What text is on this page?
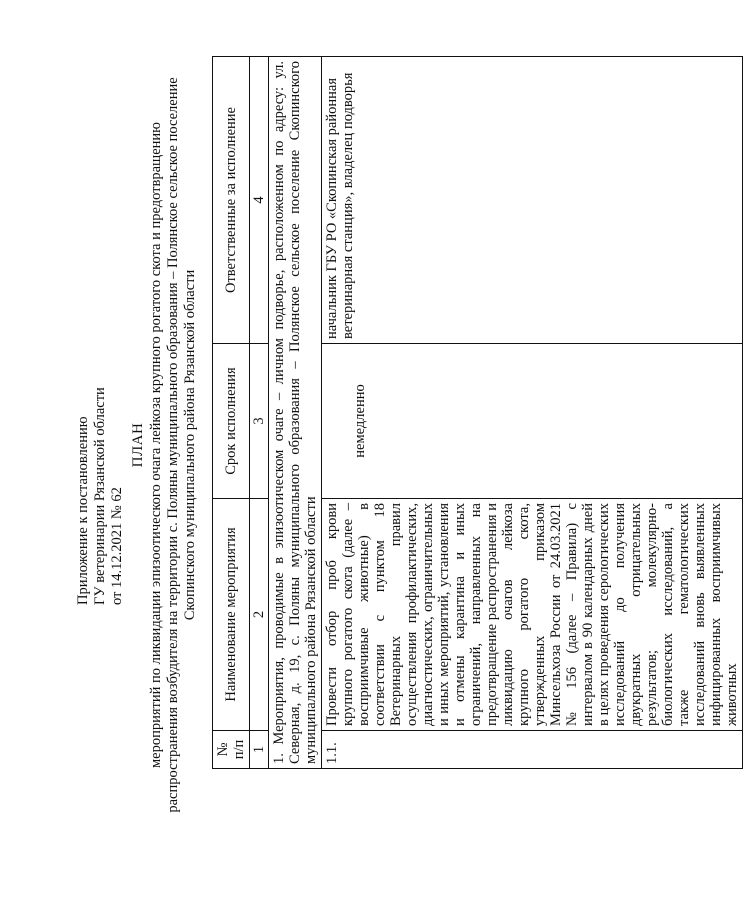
Приложение к постановлению ГУ ветеринарии Рязанской области от 14.12.2021 № 62
ПЛАН мероприятий по ликвидации эпизоотического очага лейкоза крупного рогатого скота и предотвращению распространения возбудителя на территории с. Поляны муниципального образования – Полянское сельское поселение Скопинского муниципального района Рязанской области
№ п/п	Наименование мероприятия	Срок исполнения	Ответственные за исполнение
1	2	3	4
1. Мероприятия, проводимые в эпизоотическом очаге – личном подворье, расположенном по адресу: ул. Северная, д. 19, с. Поляны муниципального образования – Полянское сельское поселение Скопинского муниципального района Рязанской области			
1.1.	Провести отбор проб крови крупного рогатого скота (далее – восприимчивые животные) в соответствии с пунктом 18 Ветеринарных правил осуществления профилактических, диагностических, ограничительных и иных мероприятий, установления и отмены карантина и иных ограничений, направленных на предотвращение распространения и ликвидацию очагов лейкоза крупного рогатого скота, утвержденных приказом Минсельхоза России от 24.03.2021 № 156 (далее – Правила) с интервалом в 90 календарных дней в целях проведения серологических исследований до получения двукратных отрицательных результатов; молекулярно-биологических исследований, а также гематологических исследований вновь выявленных инфицированных восприимчивых животных	немедленно	начальник ГБУ РО «Скопинская районная ветеринарная станция», владелец подворья
